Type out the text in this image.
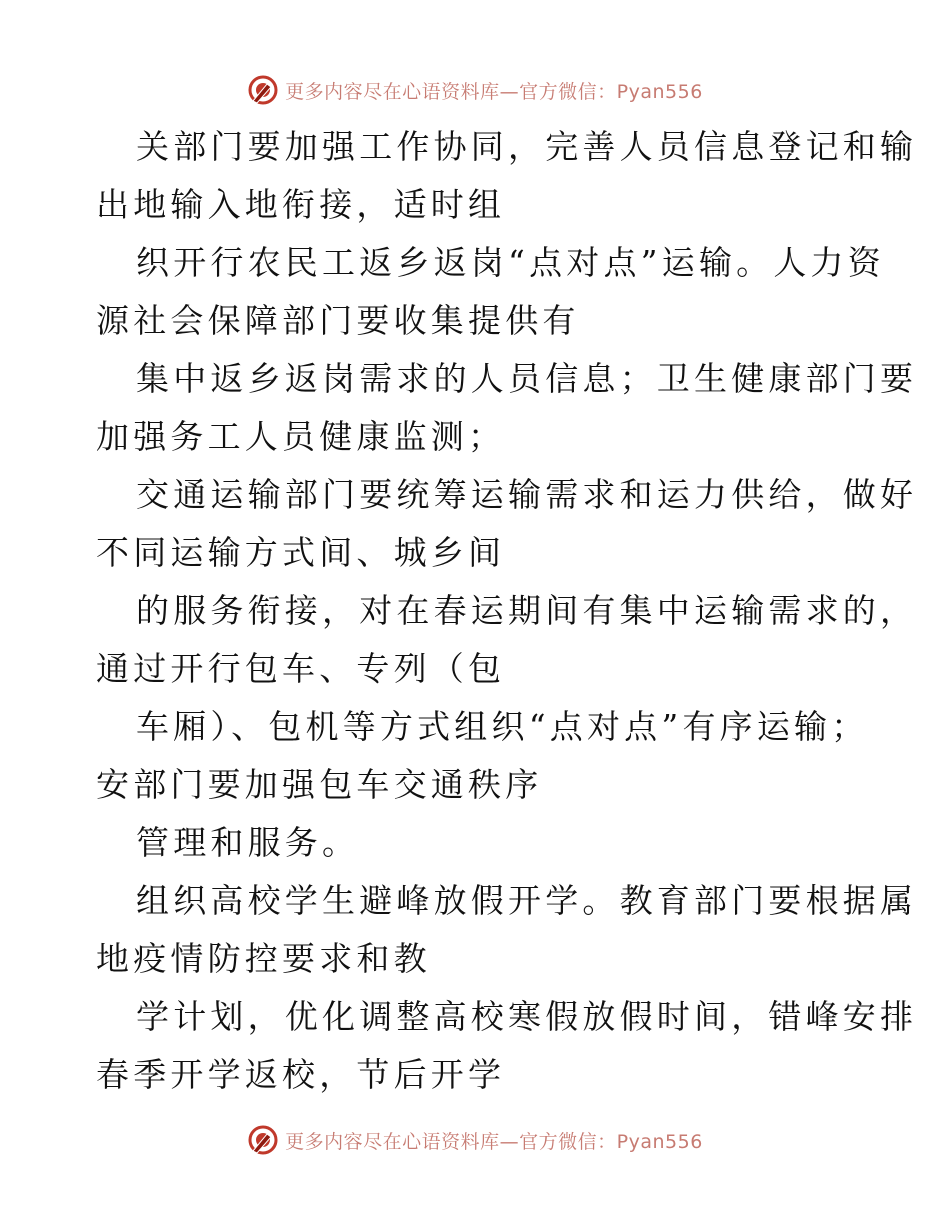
更多内容尽在心语资料库—官方微信：Pyan556

关部门要加强工作协同，完善人员信息登记和输
出地输入地衔接，适时组

织开行农民工返乡返岗“点对点”运输。人力资
源社会保障部门要收集提供有

集中返乡返岗需求的人员信息；卫生健康部门要
加强务工人员健康监测；

交通运输部门要统筹运输需求和运力供给，做好
不同运输方式间、城乡间

的服务衔接，对在春运期间有集中运输需求的，
通过开行包车、专列（包

车厢）、包机等方式组织“点对点”有序运输；
安部门要加强包车交通秩序

管理和服务。

组织高校学生避峰放假开学。教育部门要根据属
地疫情防控要求和教

学计划，优化调整高校寒假放假时间，错峰安排
春季开学返校，节后开学

更多内容尽在心语资料库—官方微信：Pyan556
